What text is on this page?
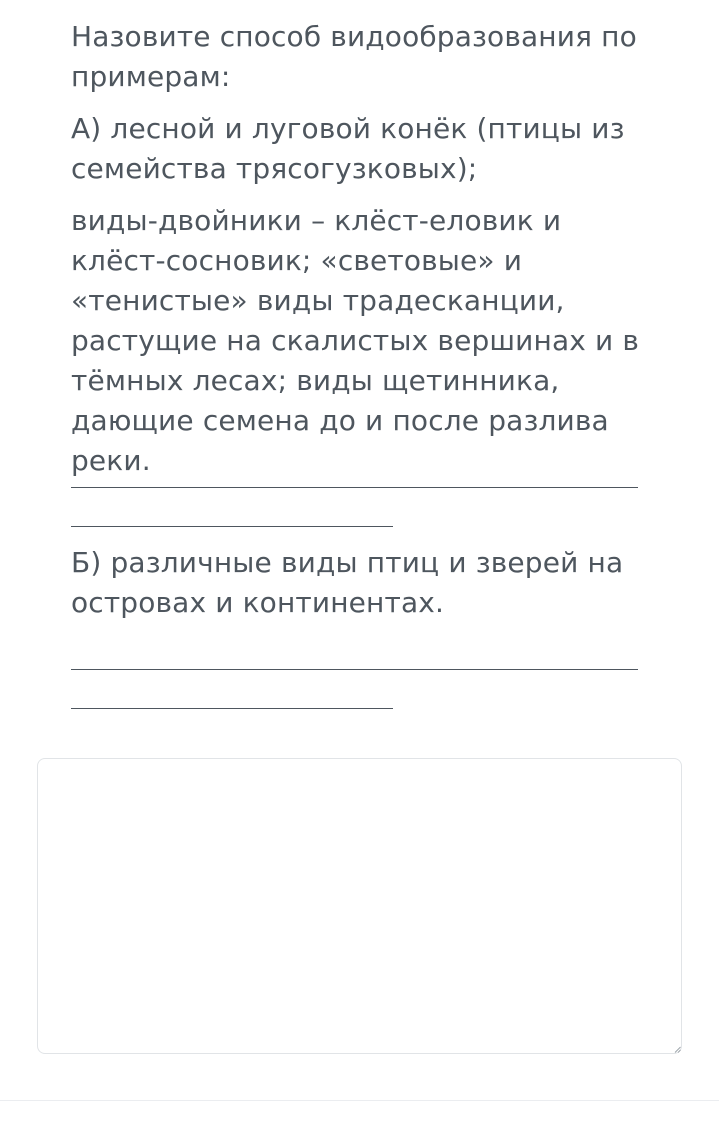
Назовите способ видообразования по примерам:

А) лесной и луговой конёк (птицы из семейства трясогузковых);

виды-двойники – клёст-еловик и клёст-сосновик; «световые» и «тенистые» виды традесканции, растущие на скалистых вершинах и в тёмных лесах; виды щетинника, дающие семена до и после разлива реки.

Б) различные виды птиц и зверей на островах и континентах.
